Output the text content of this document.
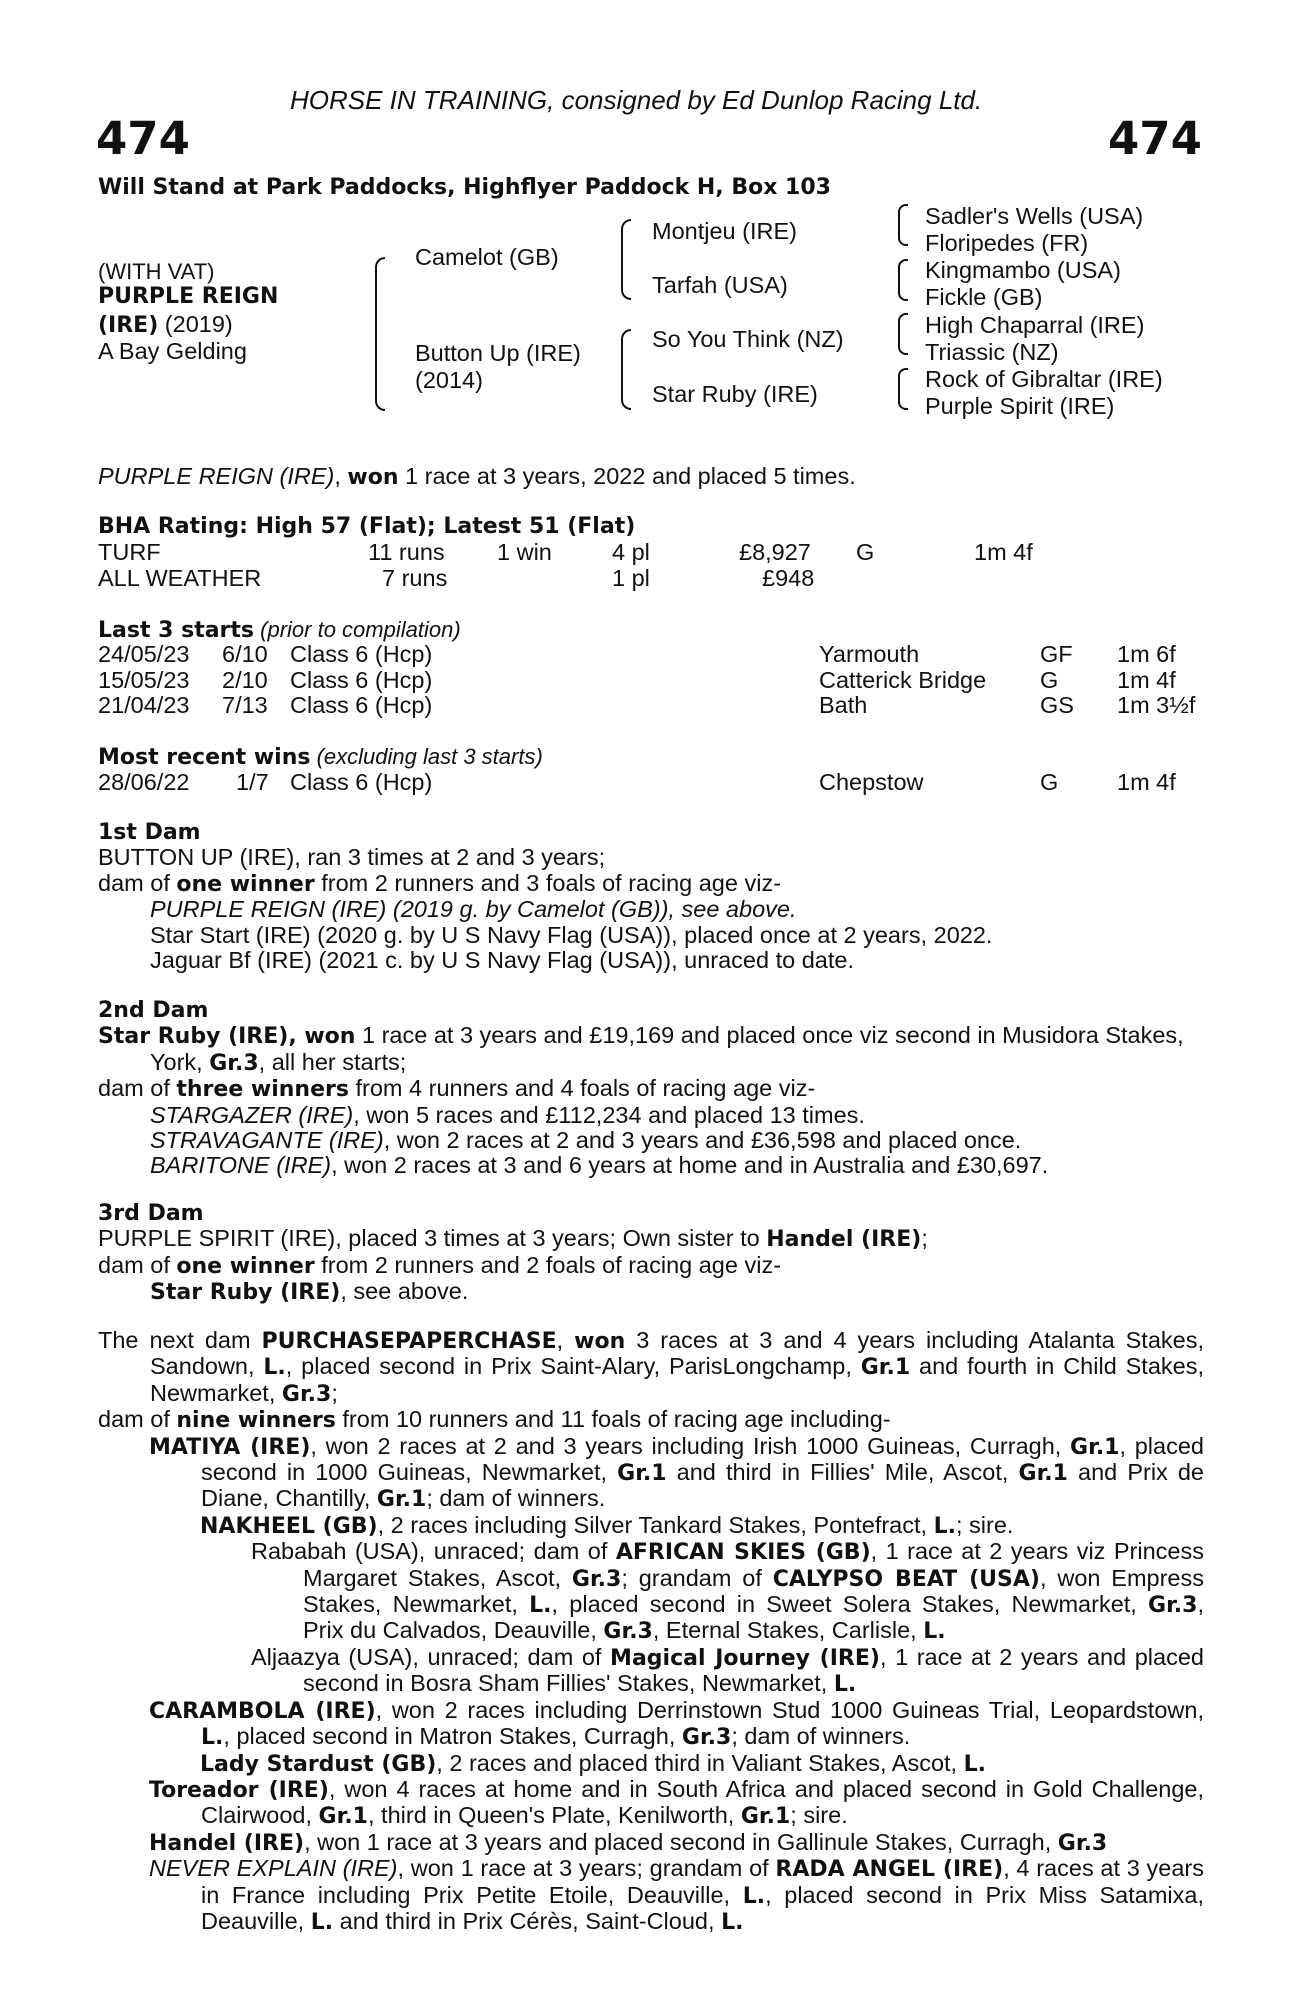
HORSE IN TRAINING, consigned by Ed Dunlop Racing Ltd.
474	474
Will Stand at Park Paddocks, Highflyer Paddock H, Box 103
(WITH VAT)
PURPLE REIGN
(IRE) (2019)
A Bay Gelding
Camelot (GB)
Button Up (IRE)
(2014)
Montjeu (IRE)
Tarfah (USA)
So You Think (NZ)
Star Ruby (IRE)
Sadler's Wells (USA)
Floripedes (FR)
Kingmambo (USA)
Fickle (GB)
High Chaparral (IRE)
Triassic (NZ)
Rock of Gibraltar (IRE)
Purple Spirit (IRE)
PURPLE REIGN (IRE), won 1 race at 3 years, 2022 and placed 5 times.
BHA Rating: High 57 (Flat); Latest 51 (Flat)
TURF	11 runs 1 win	4 pl	£8,927 G	1m 4f
ALL WEATHER	7 runs	1 pl	£948
Last 3 starts (prior to compilation)
24/05/23 6/10 Class 6 (Hcp)	Yarmouth	GF 1m 6f
15/05/23 2/10 Class 6 (Hcp)	Catterick Bridge G 1m 4f
21/04/23 7/13 Class 6 (Hcp)	Bath	GS 1m 3½f
Most recent wins (excluding last 3 starts)
28/06/22 1/7 Class 6 (Hcp)	Chepstow	G 1m 4f

1st Dam

BUTTON UP (IRE), ran 3 times at 2 and 3 years;

dam of one winner from 2 runners and 3 foals of racing age viz-

PURPLE REIGN (IRE) (2019 g. by Camelot (GB)), see above.

Star Start (IRE) (2020 g. by U S Navy Flag (USA)), placed once at 2 years, 2022.

Jaguar Bf (IRE) (2021 c. by U S Navy Flag (USA)), unraced to date.

2nd Dam

Star Ruby (IRE), won 1 race at 3 years and £19,169 and placed once viz second in Musidora Stakes, York, Gr.3, all her starts;

dam of three winners from 4 runners and 4 foals of racing age viz-

STARGAZER (IRE), won 5 races and £112,234 and placed 13 times.

STRAVAGANTE (IRE), won 2 races at 2 and 3 years and £36,598 and placed once.

BARITONE (IRE), won 2 races at 3 and 6 years at home and in Australia and £30,697.

3rd Dam

PURPLE SPIRIT (IRE), placed 3 times at 3 years; Own sister to Handel (IRE);

dam of one winner from 2 runners and 2 foals of racing age viz-

Star Ruby (IRE), see above.

The next dam PURCHASEPAPERCHASE, won 3 races at 3 and 4 years including Atalanta Stakes, Sandown, L., placed second in Prix Saint-Alary, ParisLongchamp, Gr.1 and fourth in Child Stakes, Newmarket, Gr.3;

dam of nine winners from 10 runners and 11 foals of racing age including-

MATIYA (IRE), won 2 races at 2 and 3 years including Irish 1000 Guineas, Curragh, Gr.1, placed second in 1000 Guineas, Newmarket, Gr.1 and third in Fillies' Mile, Ascot, Gr.1 and Prix de Diane, Chantilly, Gr.1; dam of winners.

NAKHEEL (GB), 2 races including Silver Tankard Stakes, Pontefract, L.; sire.

Rababah (USA), unraced; dam of AFRICAN SKIES (GB), 1 race at 2 years viz Princess Margaret Stakes, Ascot, Gr.3; grandam of CALYPSO BEAT (USA), won Empress Stakes, Newmarket, L., placed second in Sweet Solera Stakes, Newmarket, Gr.3, Prix du Calvados, Deauville, Gr.3, Eternal Stakes, Carlisle, L.

Aljaazya (USA), unraced; dam of Magical Journey (IRE), 1 race at 2 years and placed second in Bosra Sham Fillies' Stakes, Newmarket, L.

CARAMBOLA (IRE), won 2 races including Derrinstown Stud 1000 Guineas Trial, Leopardstown, L., placed second in Matron Stakes, Curragh, Gr.3; dam of winners.

Lady Stardust (GB), 2 races and placed third in Valiant Stakes, Ascot, L.

Toreador (IRE), won 4 races at home and in South Africa and placed second in Gold Challenge, Clairwood, Gr.1, third in Queen's Plate, Kenilworth, Gr.1; sire.

Handel (IRE), won 1 race at 3 years and placed second in Gallinule Stakes, Curragh, Gr.3

NEVER EXPLAIN (IRE), won 1 race at 3 years; grandam of RADA ANGEL (IRE), 4 races at 3 years in France including Prix Petite Etoile, Deauville, L., placed second in Prix Miss Satamixa, Deauville, L. and third in Prix Cérès, Saint-Cloud, L.
